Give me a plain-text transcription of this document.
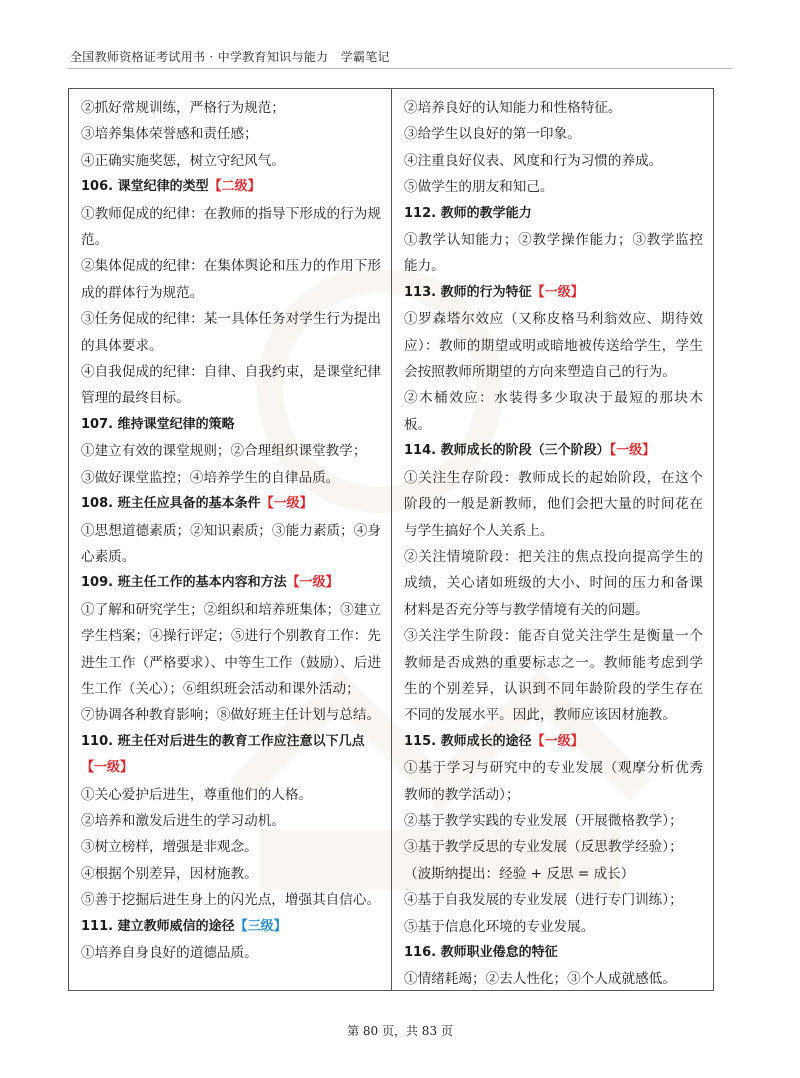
全国教师资格证考试用书 · 中学教育知识与能力　学霸笔记
②抓好常规训练，严格行为规范；
③培养集体荣誉感和责任感；
④正确实施奖惩，树立守纪风气。
106. 课堂纪律的类型【二级】
①教师促成的纪律：在教师的指导下形成的行为规范。
②集体促成的纪律：在集体舆论和压力的作用下形成的群体行为规范。
③任务促成的纪律：某一具体任务对学生行为提出的具体要求。
④自我促成的纪律：自律、自我约束，是课堂纪律管理的最终目标。
107. 维持课堂纪律的策略
①建立有效的课堂规则；②合理组织课堂教学；
③做好课堂监控；④培养学生的自律品质。
108. 班主任应具备的基本条件【一级】
①思想道德素质；②知识素质；③能力素质；④身心素质。
109. 班主任工作的基本内容和方法【一级】
①了解和研究学生；②组织和培养班集体；③建立学生档案；④操行评定；⑤进行个别教育工作：先进生工作（严格要求）、中等生工作（鼓励）、后进生工作（关心）；⑥组织班会活动和课外活动；
⑦协调各种教育影响；⑧做好班主任计划与总结。
110. 班主任对后进生的教育工作应注意以下几点【一级】
①关心爱护后进生，尊重他们的人格。
②培养和激发后进生的学习动机。
③树立榜样，增强是非观念。
④根据个别差异，因材施教。
⑤善于挖掘后进生身上的闪光点，增强其自信心。
111. 建立教师威信的途径【三级】
①培养自身良好的道德品质。
②培养良好的认知能力和性格特征。
③给学生以良好的第一印象。
④注重良好仪表、风度和行为习惯的养成。
⑤做学生的朋友和知己。
112. 教师的教学能力
①教学认知能力；②教学操作能力；③教学监控能力。
113. 教师的行为特征【一级】
①罗森塔尔效应（又称皮格马利翁效应、期待效应）：教师的期望或明或暗地被传送给学生，学生会按照教师所期望的方向来塑造自己的行为。
②木桶效应：水装得多少取决于最短的那块木板。
114. 教师成长的阶段（三个阶段）【一级】
①关注生存阶段：教师成长的起始阶段，在这个阶段的一般是新教师，他们会把大量的时间花在与学生搞好个人关系上。
②关注情境阶段：把关注的焦点投向提高学生的成绩，关心诸如班级的大小、时间的压力和备课材料是否充分等与教学情境有关的问题。
③关注学生阶段：能否自觉关注学生是衡量一个教师是否成熟的重要标志之一。教师能考虑到学生的个别差异，认识到不同年龄阶段的学生存在不同的发展水平。因此，教师应该因材施教。
115. 教师成长的途径【一级】
①基于学习与研究中的专业发展（观摩分析优秀教师的教学活动）；
②基于教学实践的专业发展（开展微格教学）；
③基于教学反思的专业发展（反思教学经验）；
（波斯纳提出：经验 + 反思 = 成长）
④基于自我发展的专业发展（进行专门训练）；
⑤基于信息化环境的专业发展。
116. 教师职业倦怠的特征
①情绪耗竭；②去人性化；③个人成就感低。
第 80 页，共 83 页
